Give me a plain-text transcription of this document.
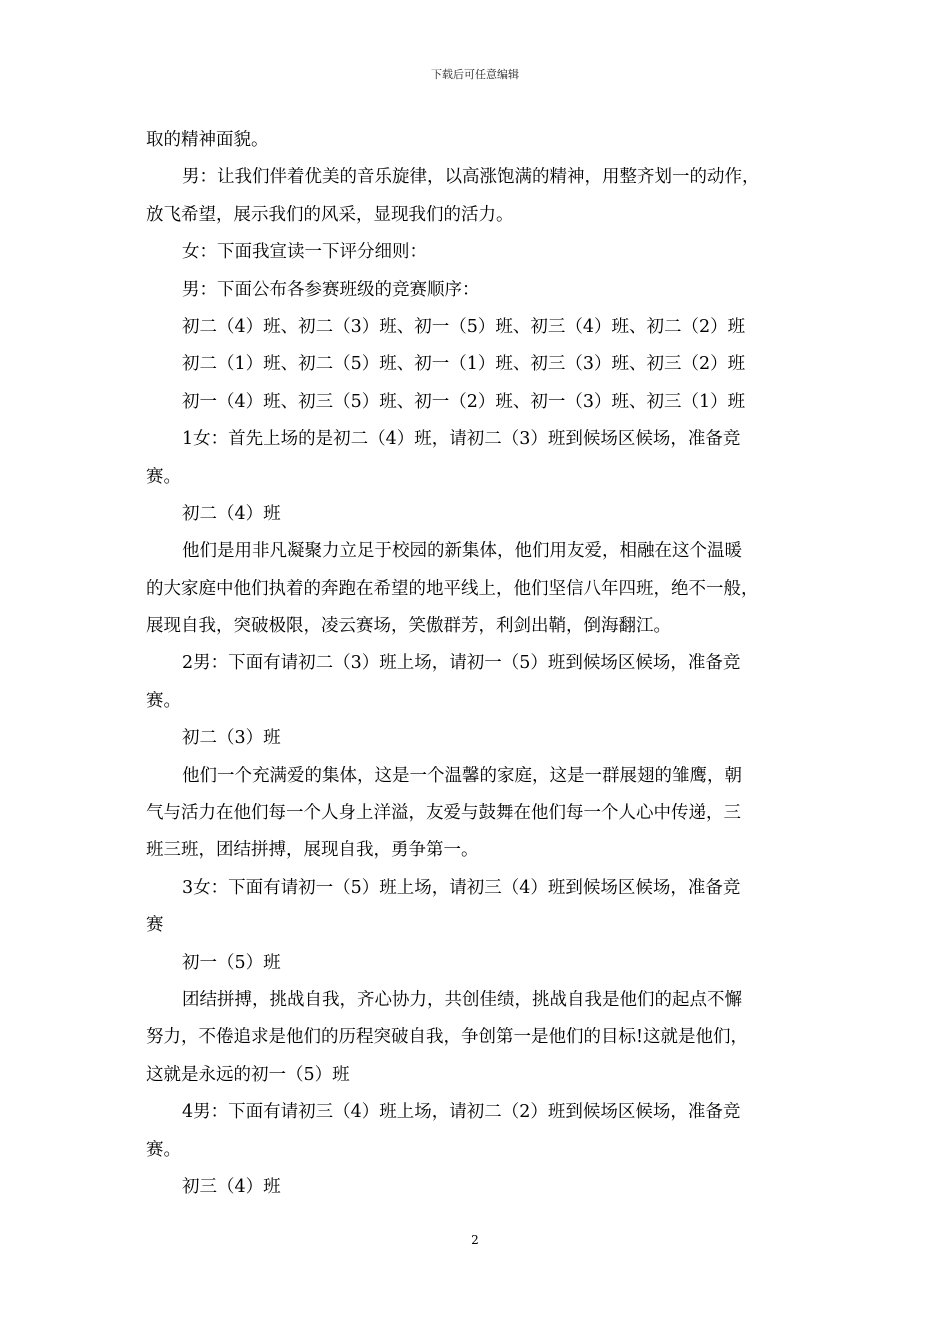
下载后可任意编辑
取的精神面貌。
男：让我们伴着优美的音乐旋律，以高涨饱满的精神，用整齐划一的动作，
放飞希望，展示我们的风采，显现我们的活力。
女：下面我宣读一下评分细则：
男：下面公布各参赛班级的竞赛顺序：
初二（4）班、初二（3）班、初一（5）班、初三（4）班、初二（2）班
初二（1）班、初二（5）班、初一（1）班、初三（3）班、初三（2）班
初一（4）班、初三（5）班、初一（2）班、初一（3）班、初三（1）班
1女：首先上场的是初二（4）班，请初二（3）班到候场区候场，准备竞
赛。
初二（4）班
他们是用非凡凝聚力立足于校园的新集体，他们用友爱，相融在这个温暖
的大家庭中他们执着的奔跑在希望的地平线上，他们坚信八年四班，绝不一般，
展现自我，突破极限，凌云赛场，笑傲群芳，利剑出鞘，倒海翻江。
2男：下面有请初二（3）班上场，请初一（5）班到候场区候场，准备竞
赛。
初二（3）班
他们一个充满爱的集体，这是一个温馨的家庭，这是一群展翅的雏鹰，朝
气与活力在他们每一个人身上洋溢，友爱与鼓舞在他们每一个人心中传递，三
班三班，团结拼搏，展现自我，勇争第一。
3女：下面有请初一（5）班上场，请初三（4）班到候场区候场，准备竞
赛
初一（5）班
团结拼搏，挑战自我，齐心协力，共创佳绩，挑战自我是他们的起点不懈
努力，不倦追求是他们的历程突破自我，争创第一是他们的目标!这就是他们，
这就是永远的初一（5）班
4男：下面有请初三（4）班上场，请初二（2）班到候场区候场，准备竞
赛。
初三（4）班
2
